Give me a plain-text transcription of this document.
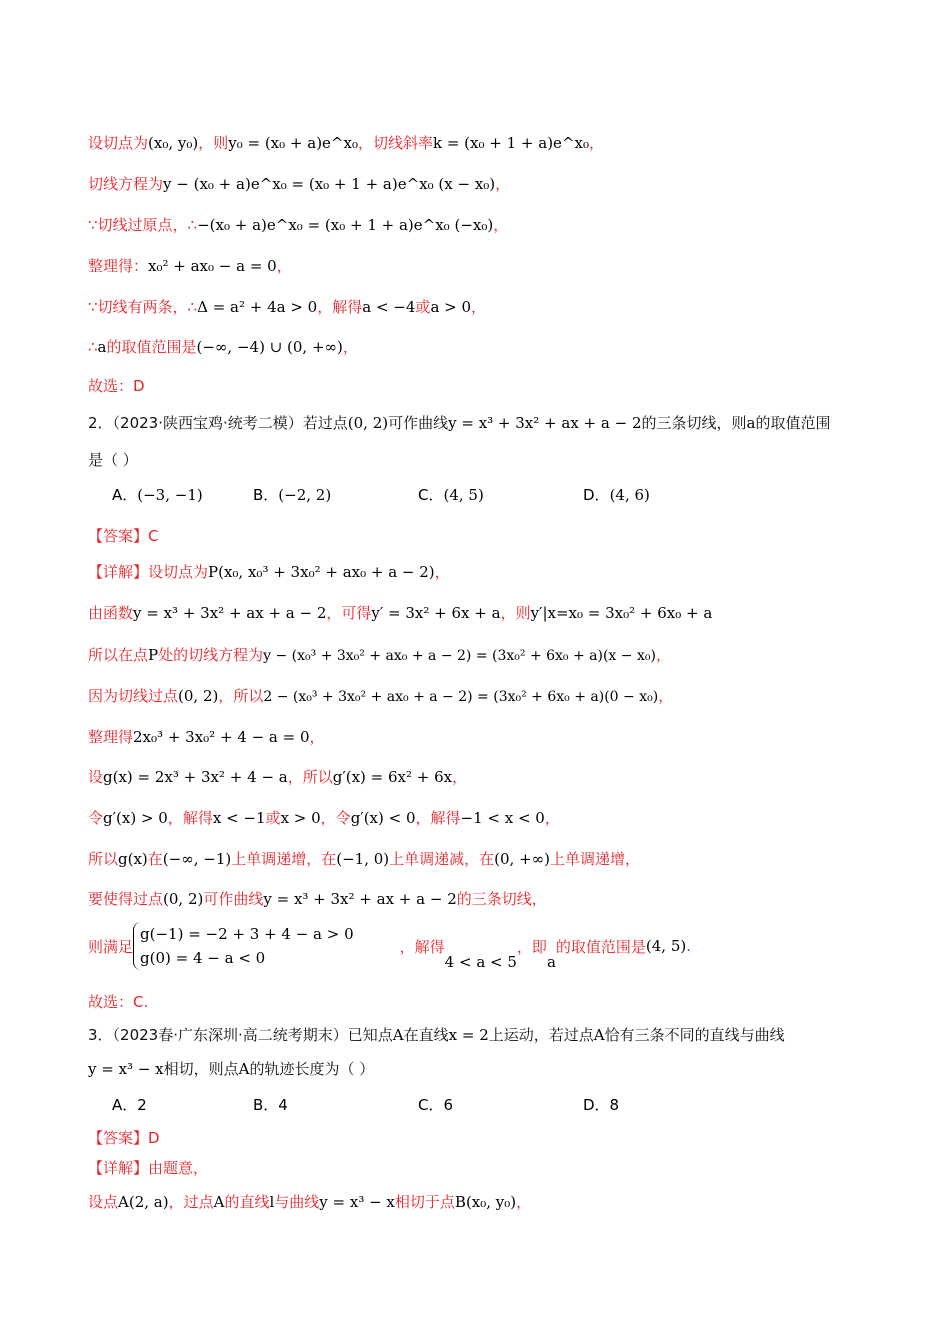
设切点为(x₀, y₀)，则y₀ = (x₀ + a)e^x₀，切线斜率k = (x₀ + 1 + a)e^x₀，
切线方程为y − (x₀ + a)e^x₀ = (x₀ + 1 + a)e^x₀ (x − x₀)，
∵切线过原点，∴−(x₀ + a)e^x₀ = (x₀ + 1 + a)e^x₀ (−x₀)，
整理得：x₀² + ax₀ − a = 0，
∵切线有两条，∴Δ = a² + 4a > 0，解得a < −4或a > 0，
∴a的取值范围是(−∞, −4) ∪ (0, +∞)，
故选：D
2．（2023·陕西宝鸡·统考二模）若过点(0, 2)可作曲线y = x³ + 3x² + ax + a − 2的三条切线，则a的取值范围
是（ ）
A．(−3, −1)	B．(−2, 2)	C．(4, 5)	D．(4, 6)
【答案】C
【详解】设切点为P(x₀, x₀³ + 3x₀² + ax₀ + a − 2)，
由函数y = x³ + 3x² + ax + a − 2，可得y′ = 3x² + 6x + a，则y′|x=x₀ = 3x₀² + 6x₀ + a
所以在点P处的切线方程为y − (x₀³ + 3x₀² + ax₀ + a − 2) = (3x₀² + 6x₀ + a)(x − x₀)，
因为切线过点(0, 2)，所以2 − (x₀³ + 3x₀² + ax₀ + a − 2) = (3x₀² + 6x₀ + a)(0 − x₀)，
整理得2x₀³ + 3x₀² + 4 − a = 0，
设g(x) = 2x³ + 3x² + 4 − a，所以g′(x) = 6x² + 6x，
令g′(x) > 0，解得x < −1或x > 0，令g′(x) < 0，解得−1 < x < 0，
所以g(x)在(−∞, −1)上单调递增，在(−1, 0)上单调递减，在(0, +∞)上单调递增，
要使得过点(0, 2)可作曲线y = x³ + 3x² + ax + a − 2的三条切线，
则满足
g(−1) = −2 + 3 + 4 − a > 0
g(0) = 4 − a < 0
，解得
4 < a < 5
，即
a
的取值范围是 (4, 5) .
故选：C.
3．（2023春·广东深圳·高二统考期末）已知点A在直线x = 2上运动，若过点A恰有三条不同的直线与曲线
y = x³ − x相切，则点A的轨迹长度为（ ）
A．2	B．4	C．6	D．8
【答案】D
【详解】由题意，
设点A(2, a)，过点A的直线l与曲线y = x³ − x相切于点B(x₀, y₀)，
